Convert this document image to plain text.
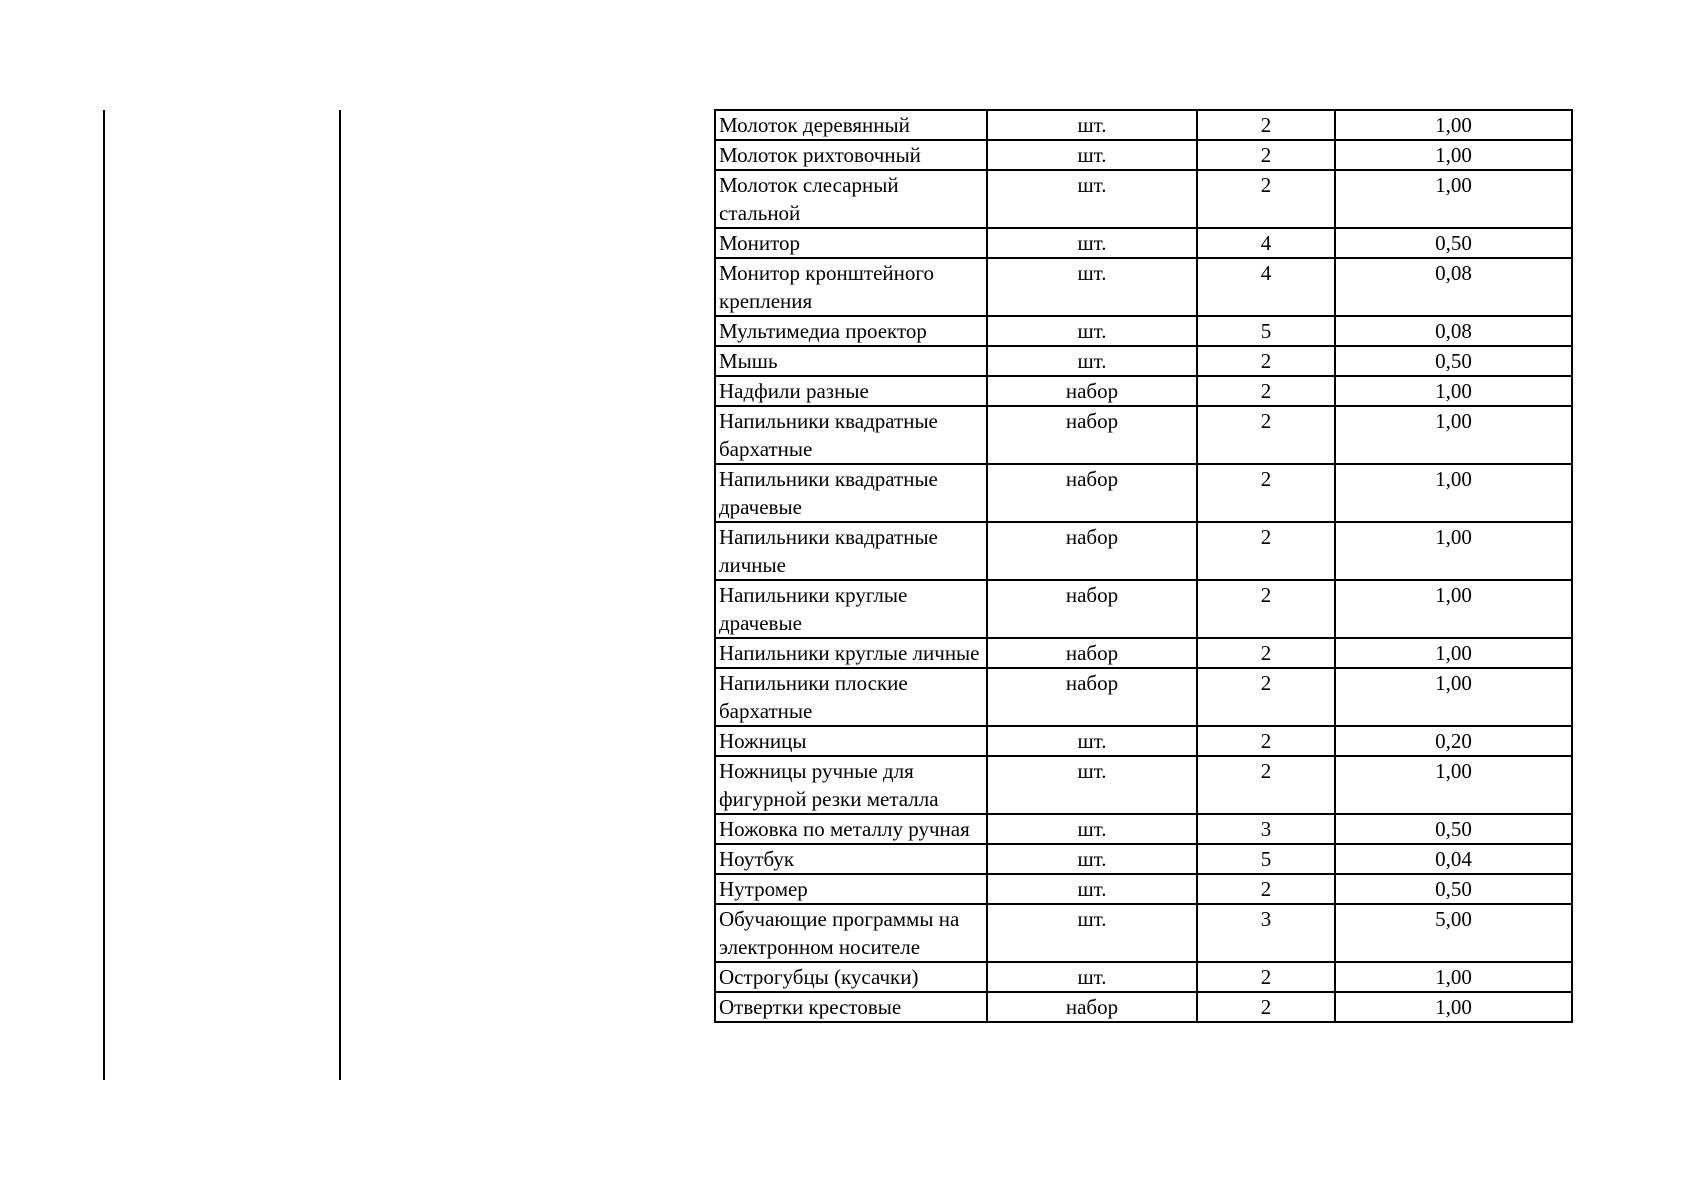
Молоток деревянный	шт.	2	1,00
Молоток рихтовочный	шт.	2	1,00
Молоток слесарный стальной	шт.	2	1,00
Монитор	шт.	4	0,50
Монитор кронштейного крепления	шт.	4	0,08
Мультимедиа проектор	шт.	5	0,08
Мышь	шт.	2	0,50
Надфили разные	набор	2	1,00
Напильники квадратные бархатные	набор	2	1,00
Напильники квадратные драчевые	набор	2	1,00
Напильники квадратные личные	набор	2	1,00
Напильники круглые драчевые	набор	2	1,00
Напильники круглые личные	набор	2	1,00
Напильники плоские бархатные	набор	2	1,00
Ножницы	шт.	2	0,20
Ножницы ручные для фигурной резки металла	шт.	2	1,00
Ножовка по металлу ручная	шт.	3	0,50
Ноутбук	шт.	5	0,04
Нутромер	шт.	2	0,50
Обучающие программы на электронном носителе	шт.	3	5,00
Острогубцы (кусачки)	шт.	2	1,00
Отвертки крестовые	набор	2	1,00
